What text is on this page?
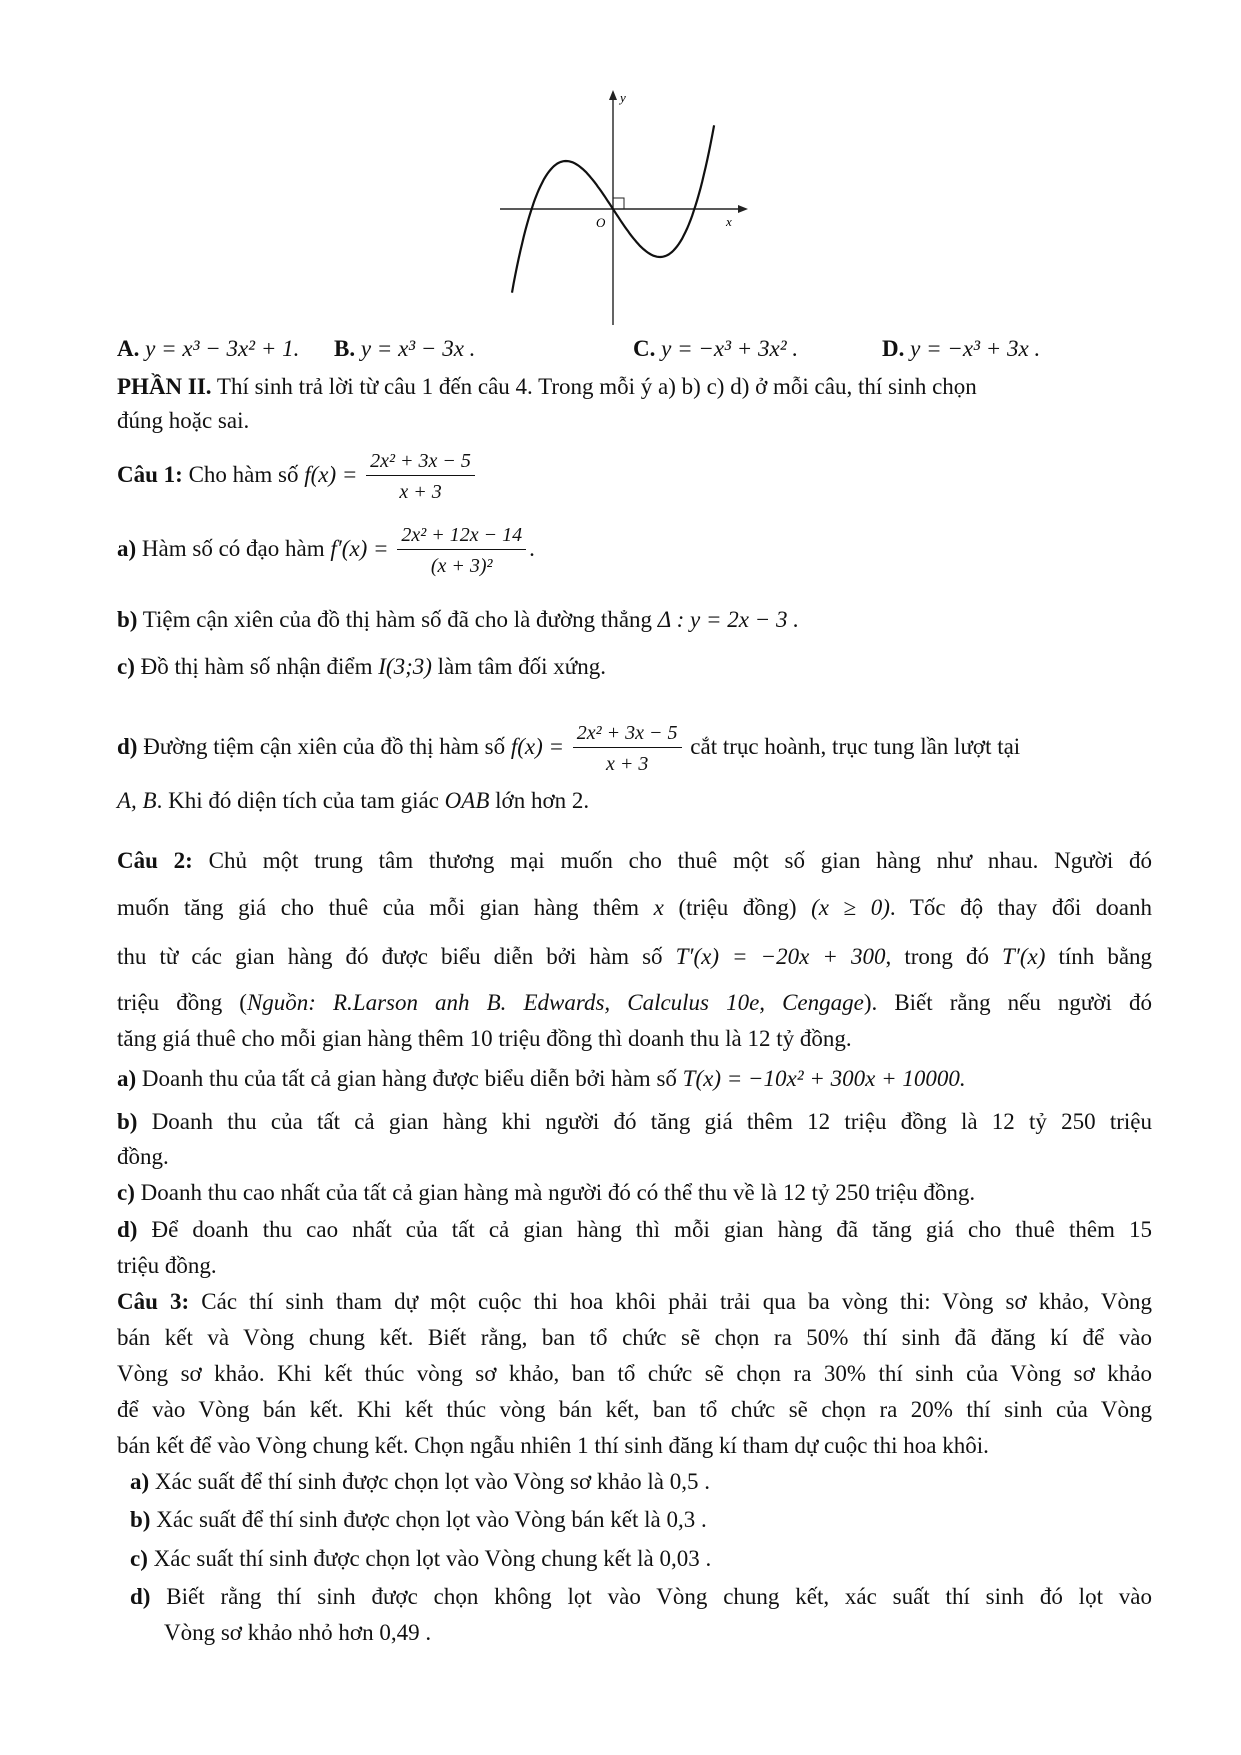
y
x
O
A. y = x³ − 3x² + 1. B. y = x³ − 3x .	C. y = −x³ + 3x² .	D. y = −x³ + 3x .
PHẦN II. Thí sinh trả lời từ câu 1 đến câu 4. Trong mỗi ý a) b) c) d) ở mỗi câu, thí sinh chọn
đúng hoặc sai.
Câu 1: Cho hàm số $f(x) = \frac{\text{2x² + 3x − 5}}{x + 3}$
a) Hàm số có đạo hàm $f'(x) = \frac{\text{2x² + 12x − 14}}{\text{(x + 3)²}}$ .
b) Tiệm cận xiên của đồ thị hàm số đã cho là đường thẳng Δ : y = 2x − 3 .
c) Đồ thị hàm số nhận điểm I(3;3) làm tâm đối xứng.
d) Đường tiệm cận xiên của đồ thị hàm số $f(x) = \frac{\text{2x² + 3x − 5}}{x + 3}$ cắt trục hoành, trục tung lần lượt tại
A, B. Khi đó diện tích của tam giác OAB lớn hơn 2.
Câu 2: Chủ một trung tâm thương mại muốn cho thuê một số gian hàng như nhau. Người đó
muốn tăng giá cho thuê của mỗi gian hàng thêm x (triệu đồng) (x ≥ 0). Tốc độ thay đổi doanh
thu từ các gian hàng đó được biểu diễn bởi hàm số T′(x) = −20x + 300, trong đó T′(x) tính bằng
triệu đồng (Nguồn: R.Larson anh B. Edwards, Calculus 10e, Cengage). Biết rằng nếu người đó
tăng giá thuê cho mỗi gian hàng thêm 10 triệu đồng thì doanh thu là 12 tỷ đồng.
a) Doanh thu của tất cả gian hàng được biểu diễn bởi hàm số T(x) = −10x² + 300x + 10000.
b) Doanh thu của tất cả gian hàng khi người đó tăng giá thêm 12 triệu đồng là 12 tỷ 250 triệu
đồng.
c) Doanh thu cao nhất của tất cả gian hàng mà người đó có thể thu về là 12 tỷ 250 triệu đồng.
d) Để doanh thu cao nhất của tất cả gian hàng thì mỗi gian hàng đã tăng giá cho thuê thêm 15
triệu đồng.
Câu 3: Các thí sinh tham dự một cuộc thi hoa khôi phải trải qua ba vòng thi: Vòng sơ khảo, Vòng
bán kết và Vòng chung kết. Biết rằng, ban tổ chức sẽ chọn ra 50% thí sinh đã đăng kí để vào
Vòng sơ khảo. Khi kết thúc vòng sơ khảo, ban tổ chức sẽ chọn ra 30% thí sinh của Vòng sơ khảo
để vào Vòng bán kết. Khi kết thúc vòng bán kết, ban tổ chức sẽ chọn ra 20% thí sinh của Vòng
bán kết để vào Vòng chung kết. Chọn ngẫu nhiên 1 thí sinh đăng kí tham dự cuộc thi hoa khôi.
a) Xác suất để thí sinh được chọn lọt vào Vòng sơ khảo là 0,5 .
b) Xác suất để thí sinh được chọn lọt vào Vòng bán kết là 0,3 .
c) Xác suất thí sinh được chọn lọt vào Vòng chung kết là 0,03 .
d) Biết rằng thí sinh được chọn không lọt vào Vòng chung kết, xác suất thí sinh đó lọt vào
Vòng sơ khảo nhỏ hơn 0,49 .
